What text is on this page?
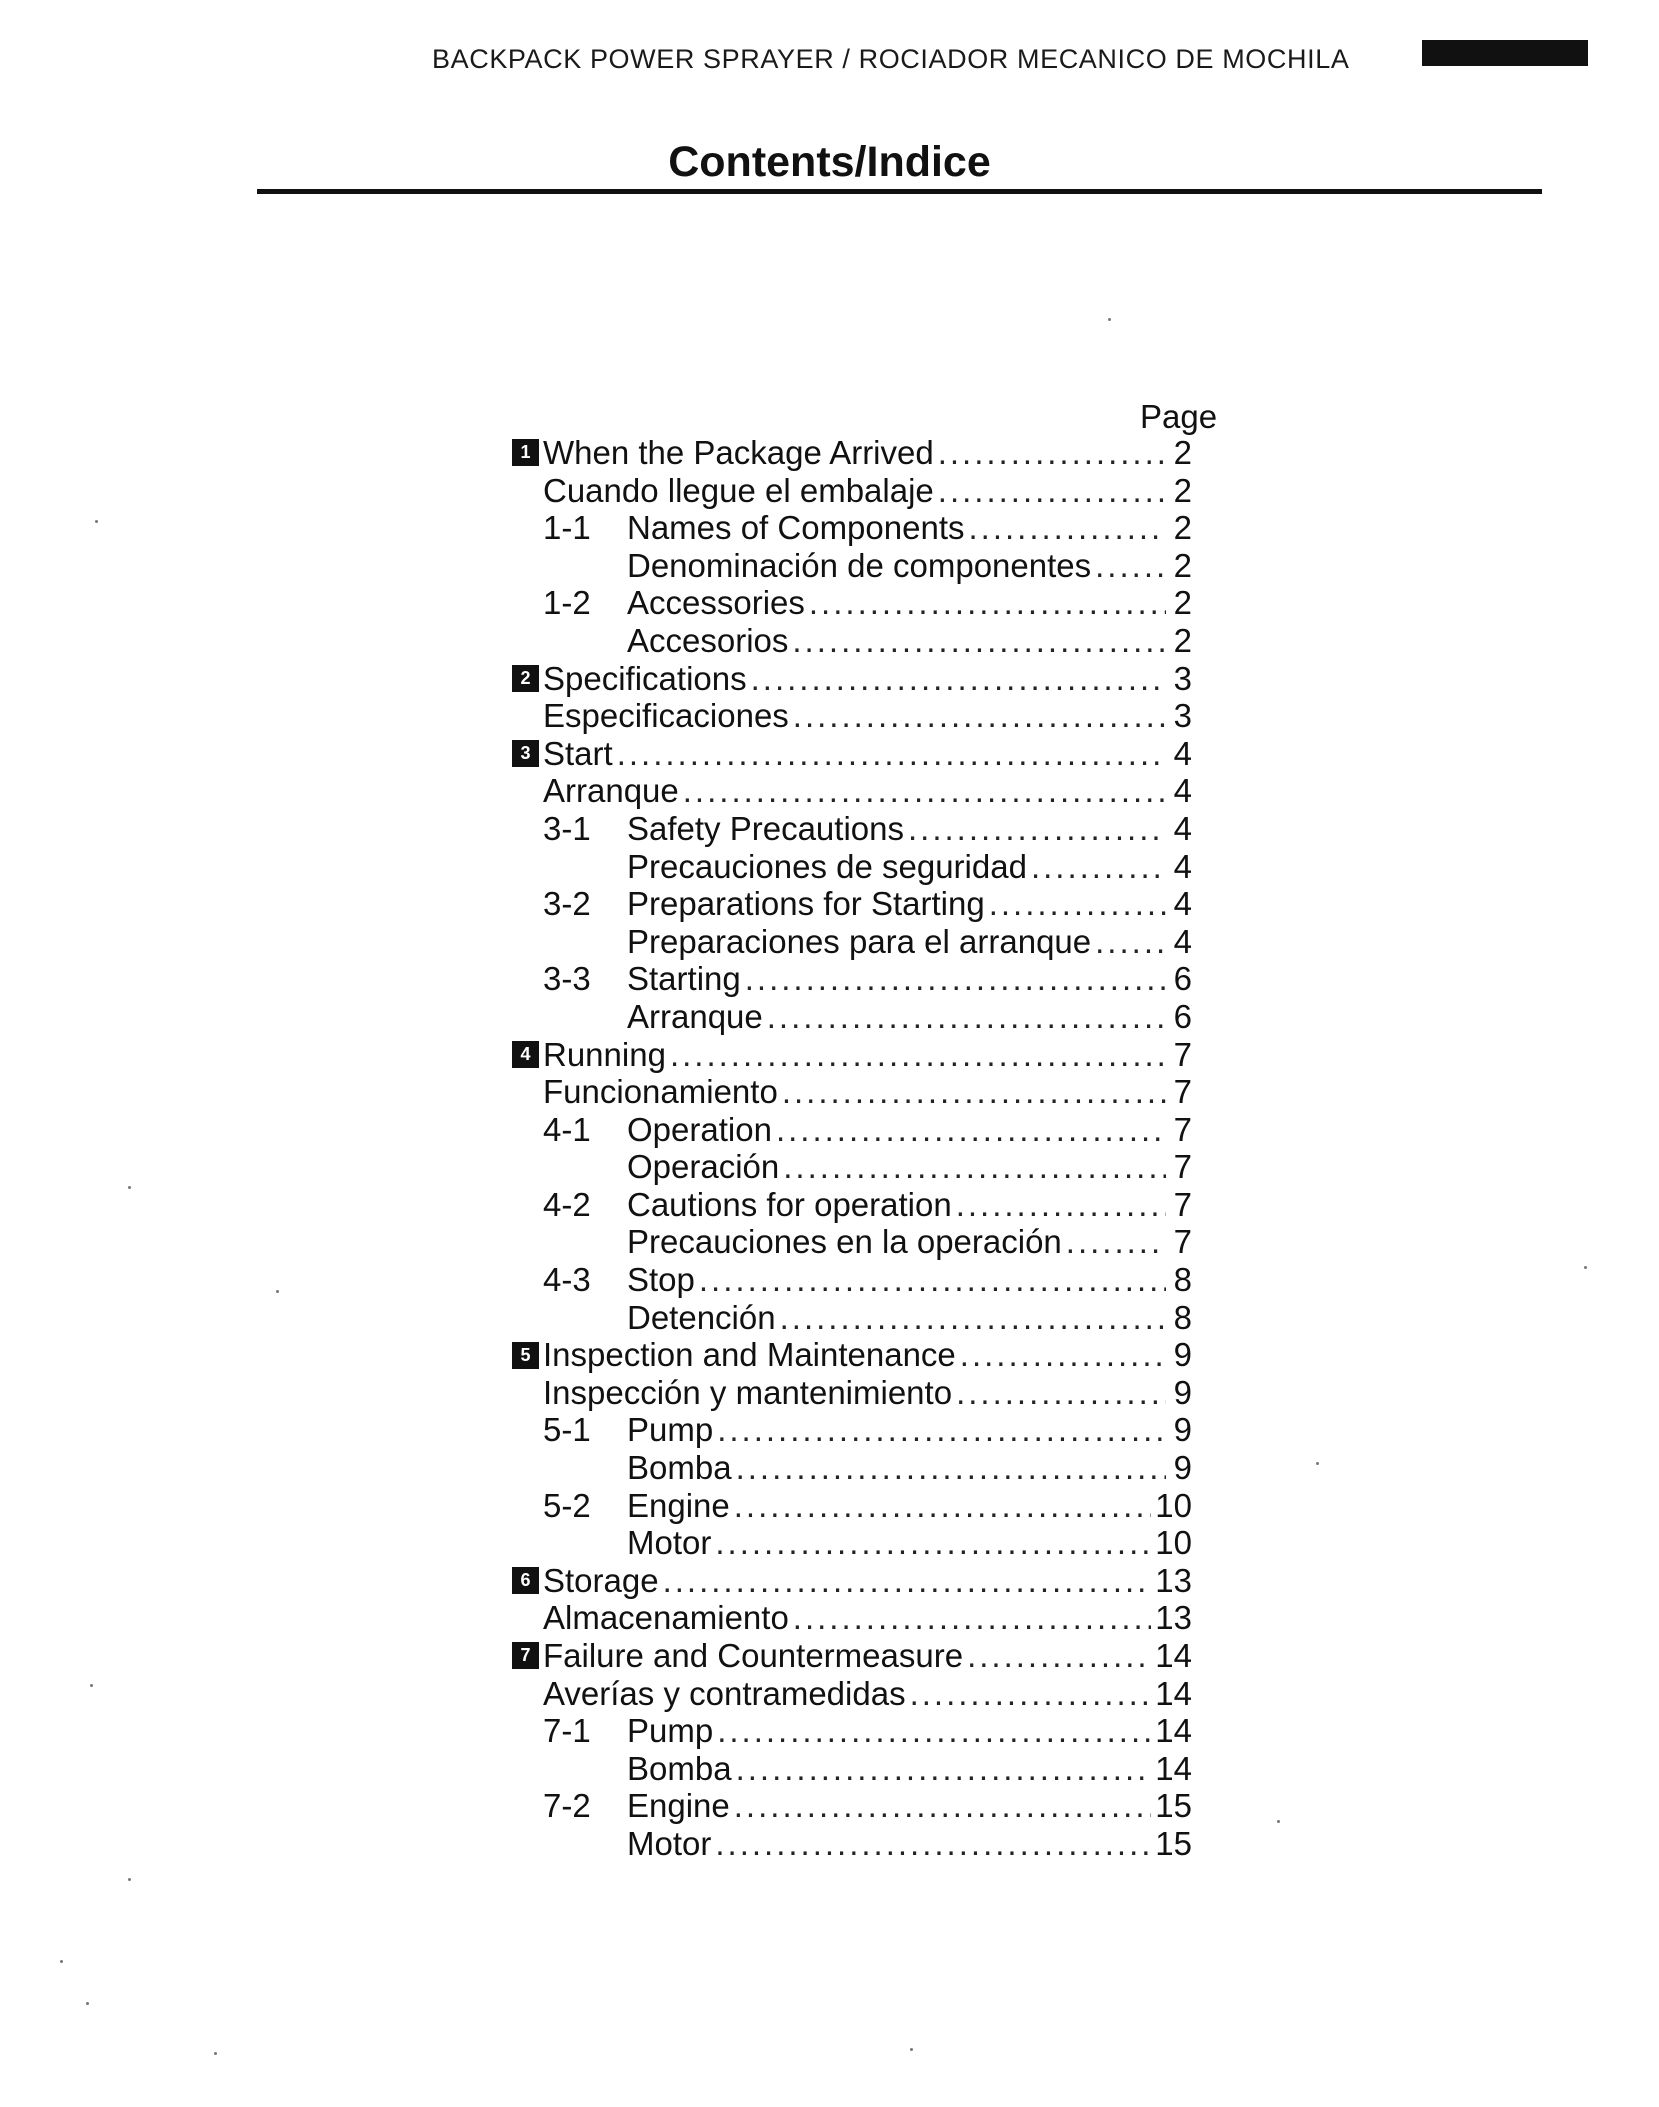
BACKPACK POWER SPRAYER / ROCIADOR MECANICO DE MOCHILA
Contents/Indice
Page
1 When the Package Arrived .....	2
Cuando llegue el embalaje .....	2
1-1	Names of Components .....	2
Denominación de componentes .....	2
1-2	Accessories .....	2
Accesorios .....	2
2 Specifications .....	3
Especificaciones .....	3
3 Start .....	4
Arranque .....	4
3-1	Safety Precautions .....	4
Precauciones de seguridad .....	4
3-2	Preparations for Starting .....	4
Preparaciones para el arranque .....	4
3-3	Starting .....	6
Arranque .....	6
4 Running .....	7
Funcionamiento .....	7
4-1	Operation .....	7
Operación .....	7
4-2	Cautions for operation .....	7
Precauciones en la operación .....	7
4-3	Stop .....	8
Detención .....	8
5 Inspection and Maintenance .....	9
Inspección y mantenimiento .....	9
5-1	Pump .....	9
Bomba .....	9
5-2	Engine .....	10
Motor .....	10
6 Storage .....	13
Almacenamiento .....	13
7 Failure and Countermeasure .....	14
Averías y contramedidas .....	14
7-1	Pump .....	14
Bomba .....	14
7-2	Engine .....	15
Motor .....	15
